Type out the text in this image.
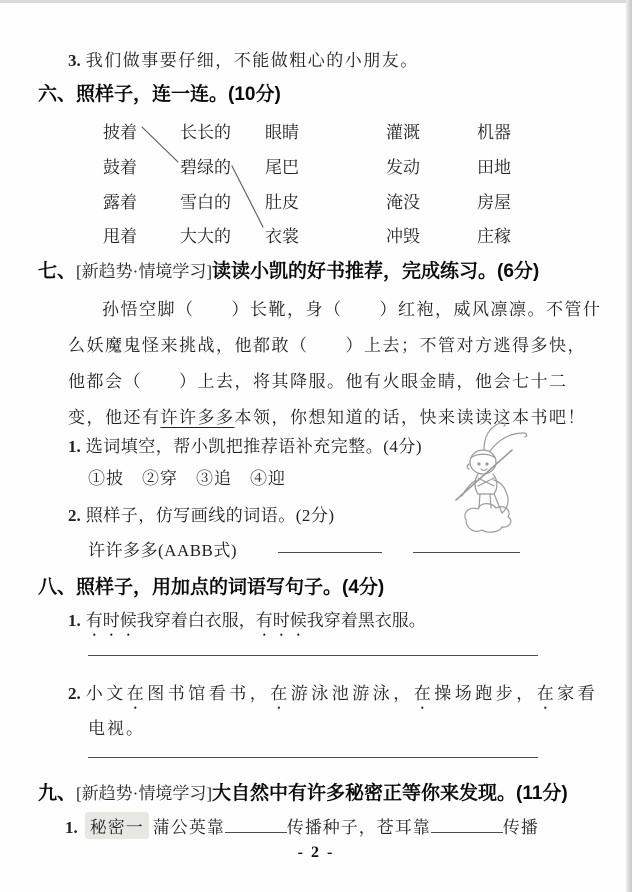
3. 我们做事要仔细，不能做粗心的小朋友。
六、照样子，连一连。(10分)
披着
鼓着
露着
甩着
长长的
碧绿的
雪白的
大大的
眼睛
尾巴
肚皮
衣裳
灌溉
发动
淹没
冲毁
机器
田地
房屋
庄稼
七、[新趋势·情境学习]读读小凯的好书推荐，完成练习。(6分)
孙悟空脚（　　）长靴，身（　　）红袍，威风凛凛。不管什
么妖魔鬼怪来挑战，他都敢（　　）上去；不管对方逃得多快，
他都会（　　）上去，将其降服。他有火眼金睛，他会七十二
变，他还有许许多多本领，你想知道的话，快来读读这本书吧！
1. 选词填空，帮小凯把推荐语补充完整。(4分)
①披　②穿　③追　④迎
2. 照样子，仿写画线的词语。(2分)
许许多多(AABB式)
八、照样子，用加点的词语写句子。(4分)
1. 有时候我穿着白衣服，有时候我穿着黑衣服。
2. 小文在图书馆看书，在游泳池游泳，在操场跑步，在家看
电视。
九、[新趋势·情境学习]大自然中有许多秘密正等你来发现。(11分)
1. 秘密一 蒲公英靠	传播种子，苍耳靠	传播
- 2 -
